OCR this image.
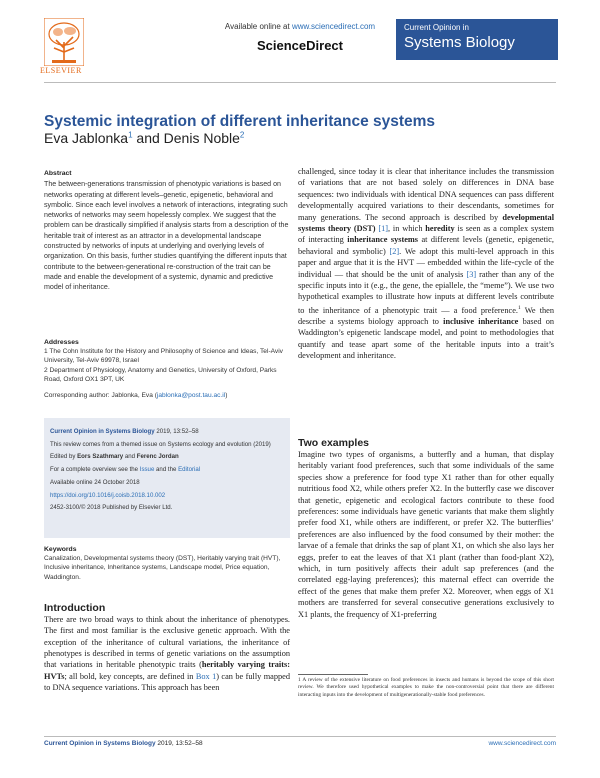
ELSEVIER
Available online at www.sciencedirect.com
ScienceDirect
Current Opinion in
Systems Biology
Systemic integration of different inheritance systems
Eva Jablonka$^1$ and Denis Noble$^2$
Abstract
The between-generations transmission of phenotypic variations is based on networks operating at different levels–genetic, epigenetic, behavioral and symbolic. Since each level involves a network of interactions, integrating such networks of networks may seem hopelessly complex. We suggest that the problem can be drastically simplified if analysis starts from a description of the heritable trait of interest as an attractor in a developmental landscape constructed by networks of inputs at underlying and overlying levels of organization. On this basis, further studies quantifying the different inputs that contribute to the between-generational re-construction of the trait can be made and enable the development of a systemic, dynamic and predictive model of inheritance.
Addresses
1 The Cohn Institute for the History and Philosophy of Science and Ideas, Tel-Aviv University, Tel-Aviv 69978, Israel
2 Department of Physiology, Anatomy and Genetics, University of Oxford, Parks Road, Oxford OX1 3PT, UK
Corresponding author: Jablonka, Eva (jablonka@post.tau.ac.il)
Current Opinion in Systems Biology 2019, 13:52–58
This review comes from a themed issue on Systems ecology and evolution (2019)
Edited by Eors Szathmary and Ferenc Jordan
For a complete overview see the Issue and the Editorial
Available online 24 October 2018
https://doi.org/10.1016/j.coisb.2018.10.002
2452-3100/© 2018 Published by Elsevier Ltd.
Keywords
Canalization, Developmental systems theory (DST), Heritably varying trait (HVT), Inclusive inheritance, Inheritance systems, Landscape model, Price equation, Waddington.
Introduction
There are two broad ways to think about the inheritance of phenotypes. The first and most familiar is the exclusive genetic approach. With the exception of the inheritance of cultural variations, the inheritance of phenotypes is described in terms of genetic variations on the assumption that variations in heritable phenotypic traits (heritably varying traits: HVTs; all bold, key concepts, are defined in Box 1) can be fully mapped to DNA sequence variations. This approach has been
challenged, since today it is clear that inheritance includes the transmission of variations that are not based solely on differences in DNA base sequences: two individuals with identical DNA sequences can pass different developmentally acquired variations to their descendants, sometimes for many generations. The second approach is described by developmental systems theory (DST) [1], in which heredity is seen as a complex system of interacting inheritance systems at different levels (genetic, epigenetic, behavioral and symbolic) [2]. We adopt this multi-level approach in this paper and argue that it is the HVT — embedded within the life-cycle of the individual — that should be the unit of analysis [3] rather than any of the specific inputs into it (e.g., the gene, the epiallele, the “meme”). We use two hypothetical examples to illustrate how inputs at different levels contribute to the inheritance of a phenotypic trait — a food preference.$^1$ We then describe a systems biology approach to inclusive inheritance based on Waddington’s epigenetic landscape model, and point to methodologies that quantify and tease apart some of the heritable inputs into a trait’s development and inheritance.
Two examples
Imagine two types of organisms, a butterfly and a human, that display heritably variant food preferences, such that some individuals of the same species show a preference for food type X1 rather than for other equally nutritious food X2, while others prefer X2. In the butterfly case we discover that genetic, epigenetic and ecological factors contribute to these food preferences: some individuals have genetic variants that make them slightly prefer food X1, while others are indifferent, or prefer X2. The butterflies’ preferences are also influenced by the food consumed by their mother: the larvae of a female that drinks the sap of plant X1, on which she also lays her eggs, prefer to eat the leaves of that X1 plant (rather than food-plant X2), which, in turn positively affects their adult sap preferences (and the correlated egg-laying preferences); this maternal effect can override the effect of the genes that make them prefer X2. Moreover, when eggs of X1 mothers are transferred for several consecutive generations exclusively to X1 plants, the frequency of X1-preferring
1 A review of the extensive literature on food preferences in insects and humans is beyond the scope of this short review. We therefore used hypothetical examples to make the non-controversial point that there are different interacting inputs into the development of multigenerationally-stable food preferences.
Current Opinion in Systems Biology 2019, 13:52–58	www.sciencedirect.com
